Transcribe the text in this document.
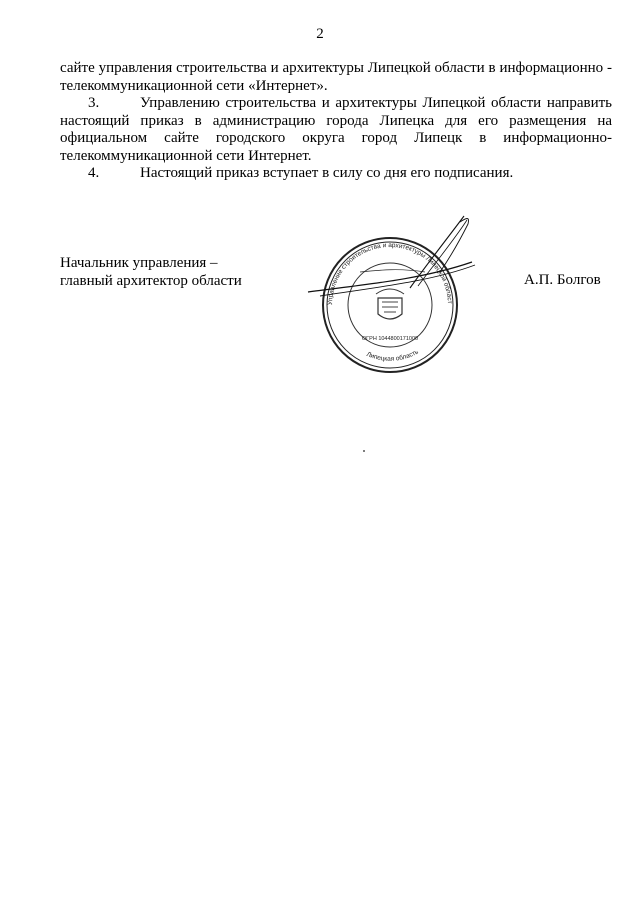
2

сайте управления строительства и архитектуры Липецкой области в информационно - телекоммуникационной сети «Интернет».

3.	Управлению строительства и архитектуры Липецкой области направить настоящий приказ в администрацию города Липецка для его размещения на официальном сайте городского округа город Липецк в информационно-телекоммуникационной сети Интернет.

4.	Настоящий приказ вступает в силу со дня его подписания.

Начальник управления –
главный архитектор области
Управление строительства и архитектуры Липецкой област
Липецкая область
ОГРН 1044800171000
А.П. Болгов
